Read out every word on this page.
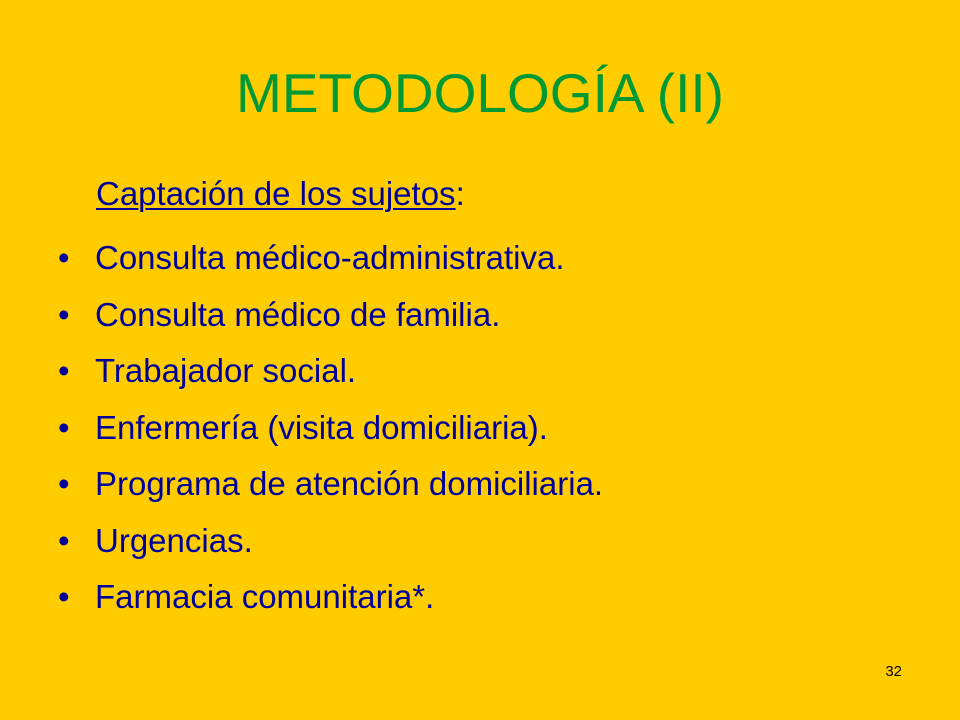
METODOLOGÍA (II)
Captación de los sujetos:
• Consulta médico-administrativa.
• Consulta médico de familia.
• Trabajador social.
• Enfermería (visita domiciliaria).
• Programa de atención domiciliaria.
• Urgencias.
• Farmacia comunitaria*.
32
